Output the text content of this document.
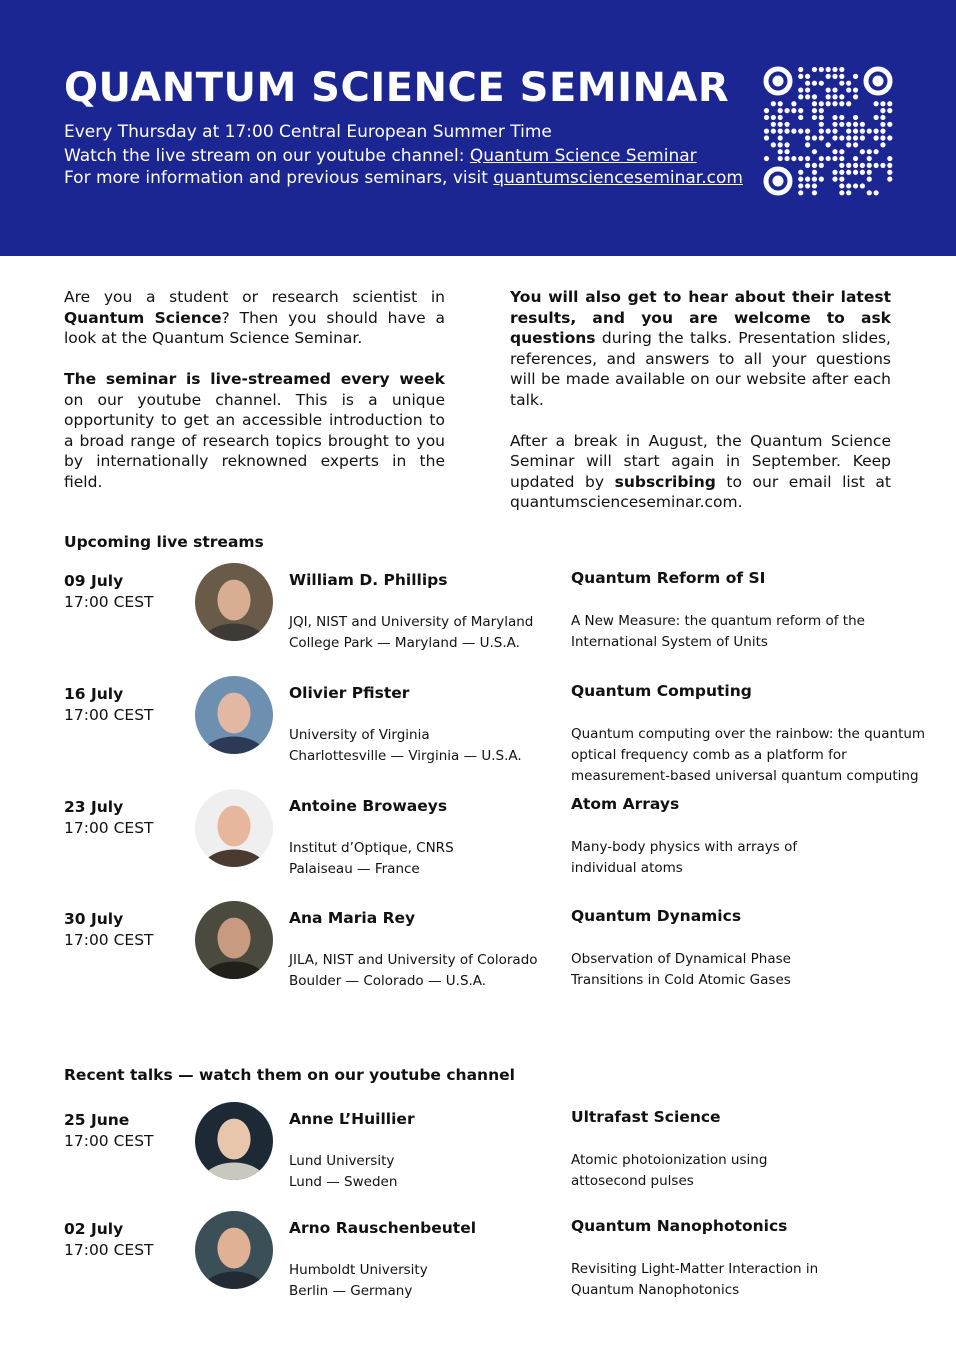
QUANTUM SCIENCE SEMINAR
Every Thursday at 17:00 Central European Summer Time
Watch the live stream on our youtube channel: Quantum Science Seminar
For more information and previous seminars, visit quantumscienceseminar.com

Are you a student or research scientist in Quantum Science? Then you should have a look at the Quantum Science Seminar.

The seminar is live-streamed every week on our youtube channel. This is a unique opportunity to get an accessible introduction to a broad range of research topics brought to you by internationally reknowned experts in the field.

You will also get to hear about their latest results, and you are welcome to ask questions during the talks. Presentation slides, references, and answers to all your questions will be made available on our website after each talk.

After a break in August, the Quantum Science Seminar will start again in September. Keep updated by subscribing to our email list at quantumscienceseminar.com.

Upcoming live streams
09 July
17:00 CEST
William D. Phillips
JQI, NIST and University of Maryland
College Park — Maryland — U.S.A.
Quantum Reform of SI
A New Measure: the quantum reform of the
International System of Units
16 July
17:00 CEST
Olivier Pfister
University of Virginia
Charlottesville — Virginia — U.S.A.
Quantum Computing
Quantum computing over the rainbow: the quantum
optical frequency comb as a platform for
measurement-based universal quantum computing
23 July
17:00 CEST
Antoine Browaeys
Institut d’Optique, CNRS
Palaiseau — France
Atom Arrays
Many-body physics with arrays of
individual atoms
30 July
17:00 CEST
Ana Maria Rey
JILA, NIST and University of Colorado
Boulder — Colorado — U.S.A.
Quantum Dynamics
Observation of Dynamical Phase
Transitions in Cold Atomic Gases
Recent talks — watch them on our youtube channel
25 June
17:00 CEST
Anne L’Huillier
Lund University
Lund — Sweden
Ultrafast Science
Atomic photoionization using
attosecond pulses
02 July
17:00 CEST
Arno Rauschenbeutel
Humboldt University
Berlin — Germany
Quantum Nanophotonics
Revisiting Light-Matter Interaction in
Quantum Nanophotonics
